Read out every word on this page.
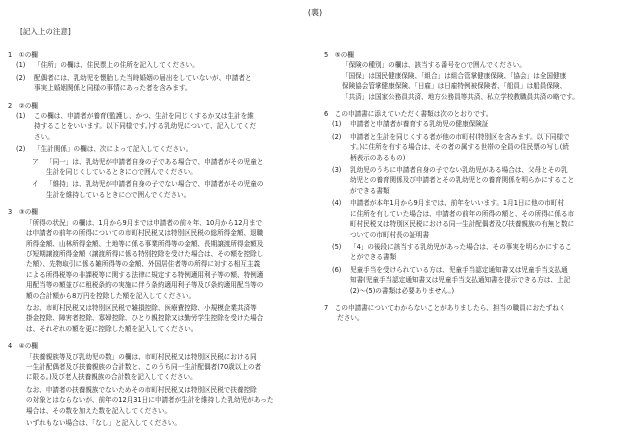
(裏)
[記入上の注意]
1　①の欄
(1)	「住所」の欄は、住民票上の住所を記入してください。
(2)	配偶者には、乳幼児を懐胎した当時婚姻の届出をしていないが、申請者と
事実上婚姻関係と同様の事情にあった者を含みます。
2　②の欄
(1)	この欄は、申請者が養育(監護し、かつ、生計を同じくするか又は生計を維
持することをいいます。以下同様です。)する乳幼児について、記入してくだ
さい。
(2)	「生計関係」の欄は、次によって記入してください。
ア	「同一」は、乳幼児が申請者自身の子である場合で、申請者がその児童と
生計を同じくしているときに○で囲んでください。
イ	「維持」は、乳幼児が申請者自身の子でない場合で、申請者がその児童の
生計を維持しているときに○で囲んでください。
3　③の欄
「所得の状況」の欄は、1月から9月までは申請者の前々年、10月から12月まで
は申請者の前年の所得についての市町村民税又は特別区民税の総所得金額、退職
所得金額、山林所得金額、土地等に係る事業所得等の金額、長期譲渡所得金額及
び短期譲渡所得金額（譲渡所得に係る特別控除を受けた場合は、その額を控除し
た額）、先物取引に係る雑所得等の金額、外国居住者等の所得に対する相互主義
による所得税等の非課税等に関する法律に規定する特例適用利子等の額、特例適
用配当等の額並びに租税条約の実施に伴う条約適用利子等及び条約適用配当等の
額の合計額から8万円を控除した額を記入してください。
なお、市町村民税又は特別区民税で雑損控除、医療費控除、小規模企業共済等
掛金控除、障害者控除、寡婦控除、ひとり親控除又は勤労学生控除を受けた場合
は、それぞれの額を更に控除した額を記入してください。
4　④の欄
「扶養親族等及び乳幼児の数」の欄は、市町村民税又は特別区民税における同
一生計配偶者及び扶養親族の合計数と、このうち同一生計配偶者(70歳以上の者
に限る。)及び老人扶養親族の合計数を記入してください。
なお、申請者の扶養親族でないためその市町村民税又は特別区民税で扶養控除
の対象とはならないが、前年の12月31日に申請者が生計を維持した乳幼児があった
場合は、その数を加えた数を記入してください。
いずれもない場合は、「なし」と記入してください。
5　⑤の欄
「保険の種別」の欄は、該当する番号を○で囲んでください。
「国保」は国民健康保険、「組合」は組合管掌健康保険、「協会」は全国健康
保険協会管掌健康保険、「日雇」は日雇特例被保険者、「船員」は船員保険、
「共済」は国家公務員共済、地方公務員等共済、私立学校教職員共済の略です。
6　この申請書に添えていただく書類は次のとおりです。
(1)	申請者と申請者が養育する乳幼児の健康保険証
(2)	申請者と生計を同じくする者が他の市町村(特別区を含みます。以下同様で
す。)に住所を有する場合は、その者の属する世帯の全員の住民票の写し(続
柄表示のあるもの)
(3)	乳幼児のうちに申請者自身の子でない乳幼児がある場合は、父母とその乳
幼児との養育関係及び申請者とその乳幼児との養育関係を明らかにすること
ができる書類
(4)	申請者が本年1月から9月までは、前年をいいます。1月1日に他の市町村
に住所を有していた場合は、申請者の前年の所得の額と、その所得に係る市
町村民税又は特別区民税における同一生計配偶者及び扶養親族の有無と数に
ついての市町村長の証明書
(5)	「4」の後段に該当する乳幼児があった場合は、その事実を明らかにするこ
とができる書類
(6)	児童手当を受けられている方は、児童手当認定通知書又は児童手当支払通
知書(児童手当認定通知書又は児童手当支払通知書を提示できる方は、上記
(2)〜(5)の書類は必要ありません。)
7　この申請書についてわからないことがありましたら、担当の職員におたずねく
　　ださい。
